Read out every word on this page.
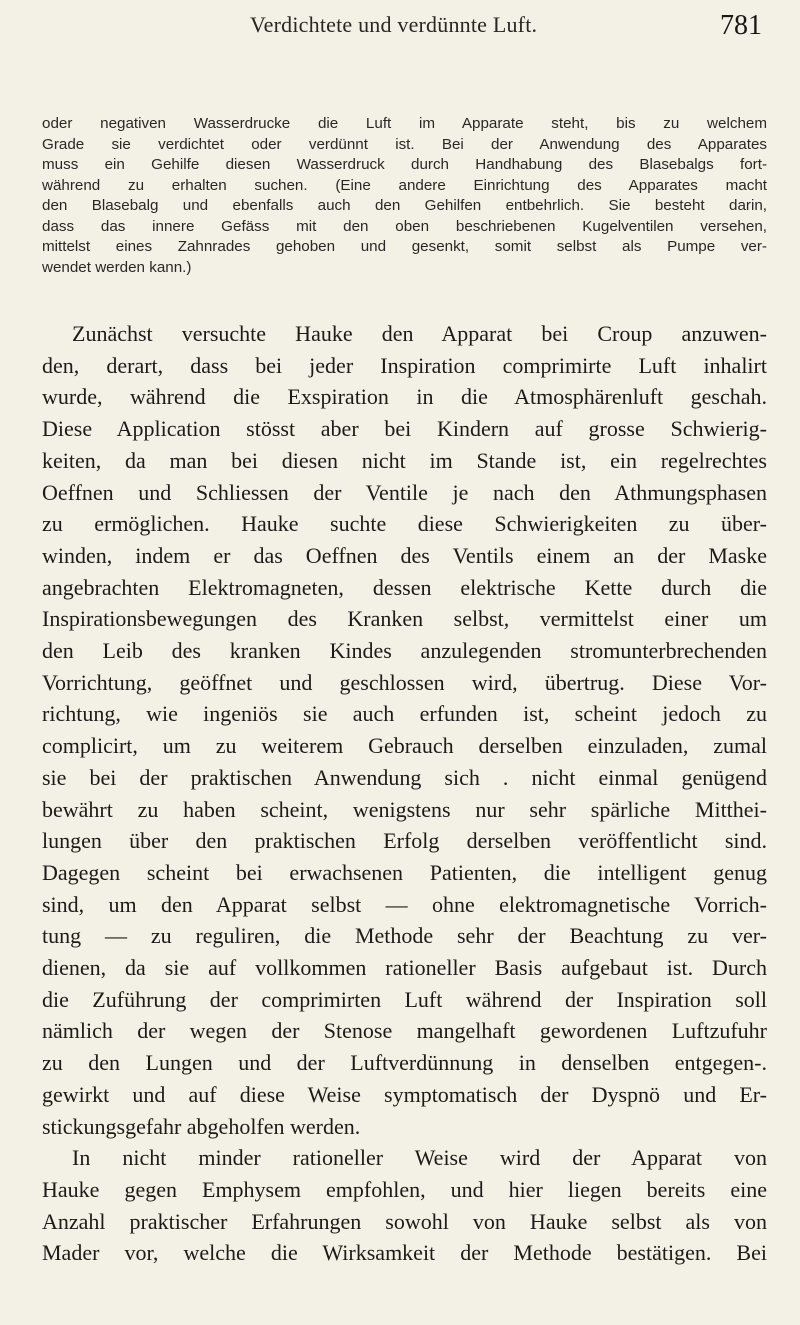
Verdichtete und verdünnte Luft.	781
oder negativen Wasserdrucke die Luft im Apparate steht, bis zu welchem
Grade sie verdichtet oder verdünnt ist. Bei der Anwendung des Apparates
muss ein Gehilfe diesen Wasserdruck durch Handhabung des Blasebalgs fort-
während zu erhalten suchen. (Eine andere Einrichtung des Apparates macht
den Blasebalg und ebenfalls auch den Gehilfen entbehrlich. Sie besteht darin,
dass das innere Gefäss mit den oben beschriebenen Kugelventilen versehen,
mittelst eines Zahnrades gehoben und gesenkt, somit selbst als Pumpe ver-
wendet werden kann.)
Zunächst versuchte Hauke den Apparat bei Croup anzuwen-
den, derart, dass bei jeder Inspiration comprimirte Luft inhalirt
wurde, während die Exspiration in die Atmosphärenluft geschah.
Diese Application stösst aber bei Kindern auf grosse Schwierig-
keiten, da man bei diesen nicht im Stande ist, ein regelrechtes
Oeffnen und Schliessen der Ventile je nach den Athmungsphasen
zu ermöglichen. Hauke suchte diese Schwierigkeiten zu über-
winden, indem er das Oeffnen des Ventils einem an der Maske
angebrachten Elektromagneten, dessen elektrische Kette durch die
Inspirationsbewegungen des Kranken selbst, vermittelst einer um
den Leib des kranken Kindes anzulegenden stromunterbrechenden
Vorrichtung, geöffnet und geschlossen wird, übertrug. Diese Vor-
richtung, wie ingeniös sie auch erfunden ist, scheint jedoch zu
complicirt, um zu weiterem Gebrauch derselben einzuladen, zumal
sie bei der praktischen Anwendung sich . nicht einmal genügend
bewährt zu haben scheint, wenigstens nur sehr spärliche Mitthei-
lungen über den praktischen Erfolg derselben veröffentlicht sind.
Dagegen scheint bei erwachsenen Patienten, die intelligent genug
sind, um den Apparat selbst — ohne elektromagnetische Vorrich-
tung — zu reguliren, die Methode sehr der Beachtung zu ver-
dienen, da sie auf vollkommen rationeller Basis aufgebaut ist. Durch
die Zuführung der comprimirten Luft während der Inspiration soll
nämlich der wegen der Stenose mangelhaft gewordenen Luftzufuhr
zu den Lungen und der Luftverdünnung in denselben entgegen-.
gewirkt und auf diese Weise symptomatisch der Dyspnö und Er-
stickungsgefahr abgeholfen werden.
In nicht minder rationeller Weise wird der Apparat von
Hauke gegen Emphysem empfohlen, und hier liegen bereits eine
Anzahl praktischer Erfahrungen sowohl von Hauke selbst als von
Mader vor, welche die Wirksamkeit der Methode bestätigen. Bei
